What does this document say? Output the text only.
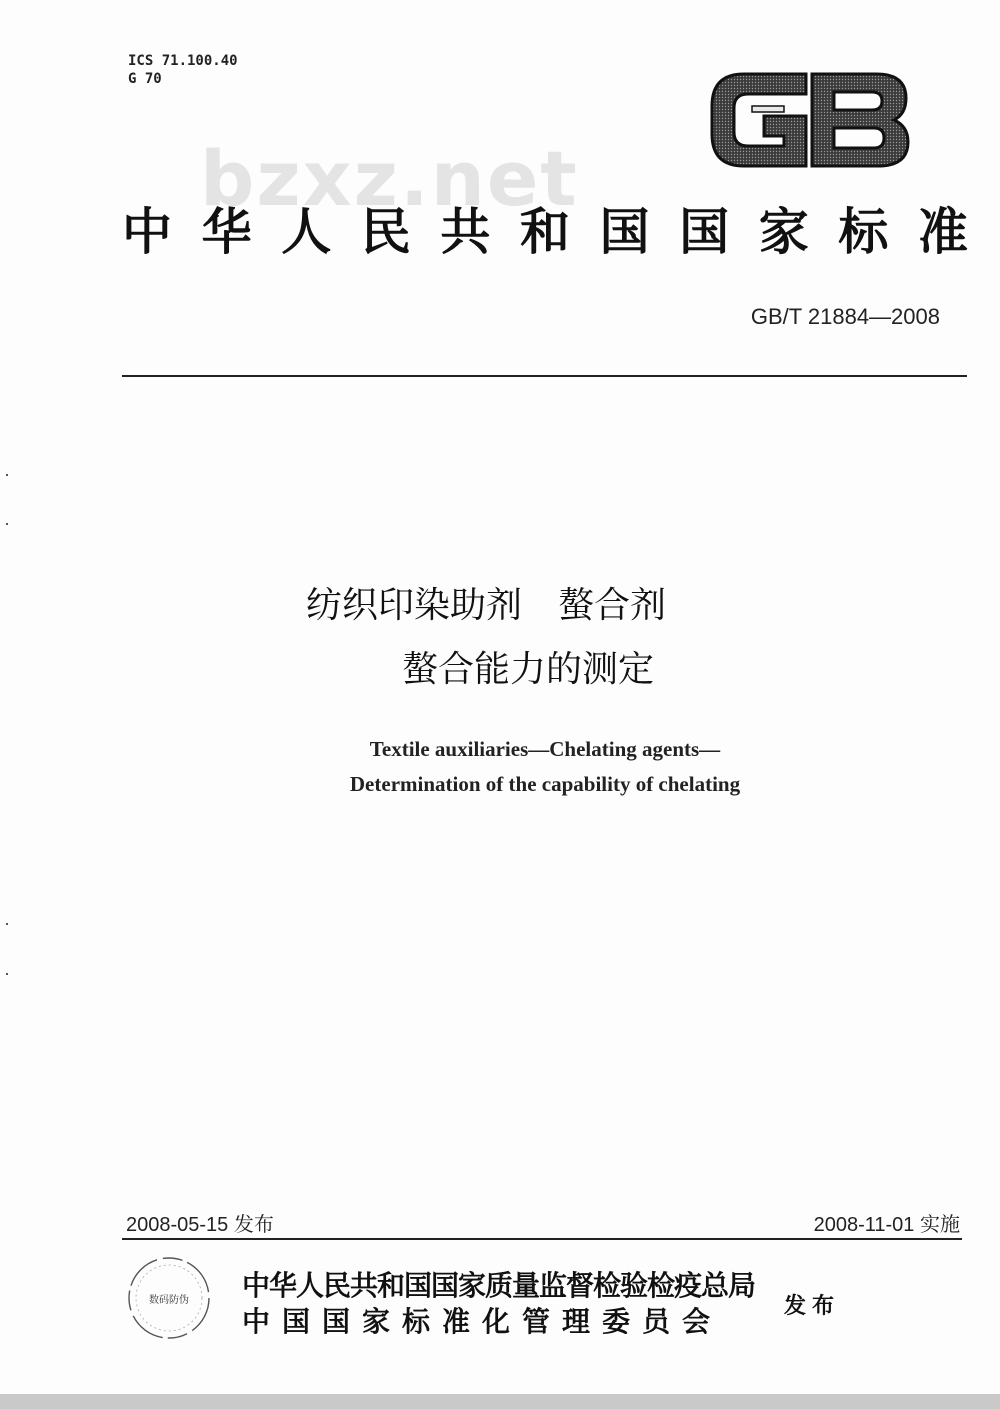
ICS 71.100.40
G 70
bzxz.net
中华人民共和国国家标准
GB/T 21884—2008
纺织印染助剂　螯合剂
螯合能力的测定
Textile auxiliaries—Chelating agents—
Determination of the capability of chelating
2008-05-15 发布	2008-11-01 实施
数码防伪	中华人民共和国国家质量监督检验检疫总局
中国国家标准化管理委员会	发布
